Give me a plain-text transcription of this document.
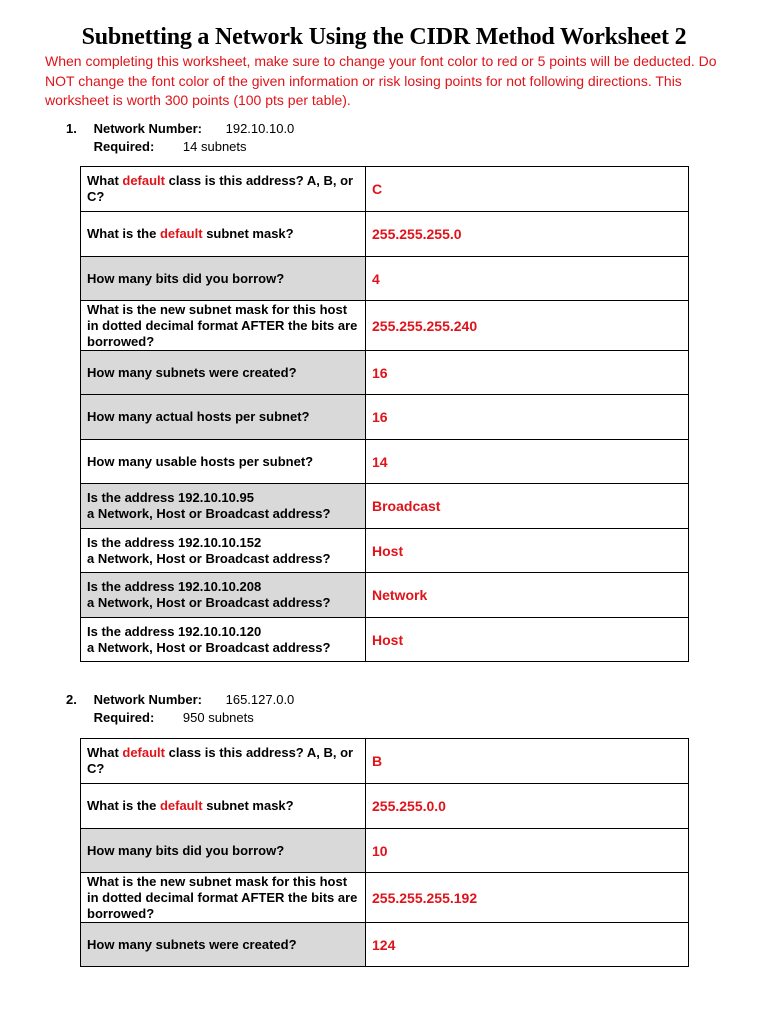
Subnetting a Network Using the CIDR Method Worksheet 2
When completing this worksheet, make sure to change your font color to red or 5 points will be deducted. Do NOT change the font color of the given information or risk losing points for not following directions. This worksheet is worth 300 points (100 pts per table).
1. Network Number: 192.10.10.0
Required: 14 subnets
What default class is this address? A, B, or C?	C
What is the default subnet mask?	255.255.255.0
How many bits did you borrow?	4
What is the new subnet mask for this host in dotted decimal format AFTER the bits are borrowed?	255.255.255.240
How many subnets were created?	16
How many actual hosts per subnet?	16
How many usable hosts per subnet?	14
Is the address 192.10.10.95
a Network, Host or Broadcast address?	Broadcast
Is the address 192.10.10.152
a Network, Host or Broadcast address?	Host
Is the address 192.10.10.208
a Network, Host or Broadcast address?	Network
Is the address 192.10.10.120
a Network, Host or Broadcast address?	Host
2. Network Number: 165.127.0.0
Required: 950 subnets
What default class is this address? A, B, or C?	B
What is the default subnet mask?	255.255.0.0
How many bits did you borrow?	10
What is the new subnet mask for this host in dotted decimal format AFTER the bits are borrowed?	255.255.255.192
How many subnets were created?	124
